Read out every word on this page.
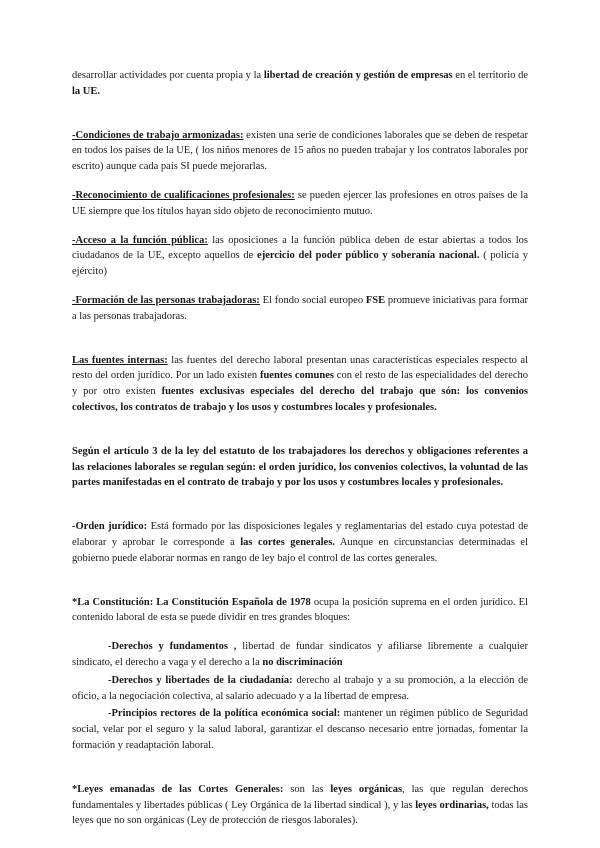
desarrollar actividades por cuenta propia y la libertad de creación y gestión de empresas en el territorio de la UE.

-Condiciones de trabajo armonizadas: existen una serie de condiciones laborales que se deben de respetar en todos los países de la UE, ( los niños menores de 15 años no pueden trabajar y los contratos laborales por escrito) aunque cada país SI puede mejorarlas.

-Reconocimiento de cualificaciones profesionales: se pueden ejercer las profesiones en otros países de la UE siempre que los títulos hayan sido objeto de reconocimiento mutuo.

-Acceso a la función pública: las oposiciones a la función pública deben de estar abiertas a todos los ciudadanos de la UE, excepto aquellos de ejercicio del poder público y soberanía nacional. ( policía y ejército)

-Formación de las personas trabajadoras: El fondo social europeo FSE promueve iniciativas para formar a las personas trabajadoras.

Las fuentes internas: las fuentes del derecho laboral presentan unas características especiales respecto al resto del orden jurídico. Por un lado existen fuentes comunes con el resto de las especialidades del derecho y por otro existen fuentes exclusivas especiales del derecho del trabajo que són: los convenios colectivos, los contratos de trabajo y los usos y costumbres locales y profesionales.

Según el artículo 3 de la ley del estatuto de los trabajadores los derechos y obligaciones referentes a las relaciones laborales se regulan según: el orden jurídico, los convenios colectivos, la voluntad de las partes manifestadas en el contrato de trabajo y por los usos y costumbres locales y profesionales.

-Orden jurídico: Está formado por las disposiciones legales y reglamentarias del estado cuya potestad de elaborar y aprobar le corresponde a las cortes generales. Aunque en circunstancias determinadas el gobierno puede elaborar normas en rango de ley bajo el control de las cortes generales.

*La Constitución: La Constitución Española de 1978 ocupa la posición suprema en el orden jurídico. El contenido laboral de esta se puede dividir en tres grandes bloques:

-Derechos y fundamentos , libertad de fundar sindicatos y afiliarse libremente a cualquier sindicato, el derecho a vaga y el derecho a la no discriminación

-Derechos y libertades de la ciudadanía: derecho al trabajo y a su promoción, a la elección de oficio, a la negociación colectiva, al salario adecuado y a la libertad de empresa.

-Principios rectores de la política económica social: mantener un régimen público de Seguridad social, velar por el seguro y la salud laboral, garantizar el descanso necesario entre jornadas, fomentar la formación y readaptación laboral.

*Leyes emanadas de las Cortes Generales: son las leyes orgánicas, las que regulan derechos fundamentales y libertades públicas ( Ley Orgánica de la libertad sindical ), y las leyes ordinarias, todas las leyes que no son orgánicas (Ley de protección de riesgos laborales).
